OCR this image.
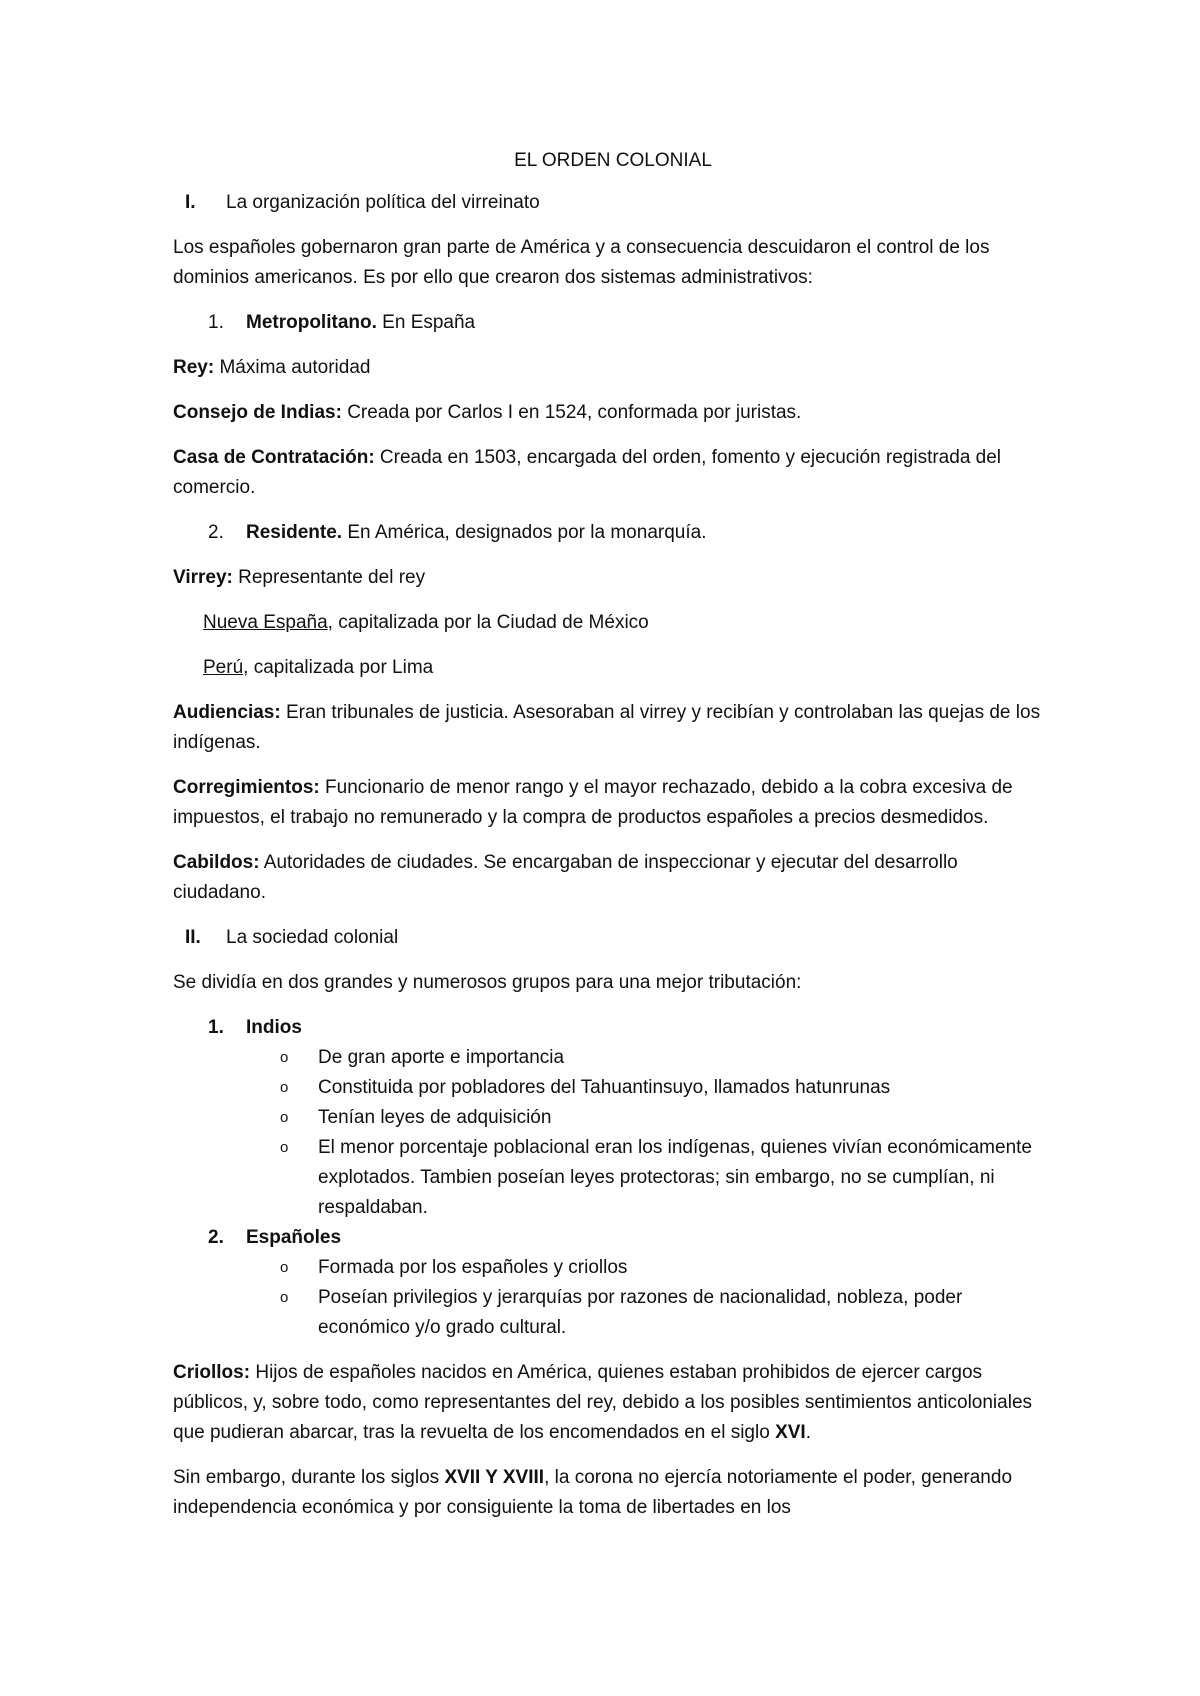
EL ORDEN COLONIAL
I.	La organización política del virreinato

Los españoles gobernaron gran parte de América y a consecuencia descuidaron el control de los dominios americanos. Es por ello que crearon dos sistemas administrativos:

1.	Metropolitano. En España

Rey: Máxima autoridad

Consejo de Indias: Creada por Carlos I en 1524, conformada por juristas.

Casa de Contratación: Creada en 1503, encargada del orden, fomento y ejecución registrada del comercio.

2.	Residente. En América, designados por la monarquía.

Virrey: Representante del rey

Nueva España, capitalizada por la Ciudad de México
Perú, capitalizada por Lima

Audiencias: Eran tribunales de justicia. Asesoraban al virrey y recibían y controlaban las quejas de los indígenas.

Corregimientos: Funcionario de menor rango y el mayor rechazado, debido a la cobra excesiva de impuestos, el trabajo no remunerado y la compra de productos españoles a precios desmedidos.

Cabildos: Autoridades de ciudades. Se encargaban de inspeccionar y ejecutar del desarrollo ciudadano.

II.	La sociedad colonial

Se dividía en dos grandes y numerosos grupos para una mejor tributación:

1.	Indios
o	De gran aporte e importancia
o	Constituida por pobladores del Tahuantinsuyo, llamados hatunrunas
o	Tenían leyes de adquisición
o	El menor porcentaje poblacional eran los indígenas, quienes vivían económicamente explotados. Tambien poseían leyes protectoras; sin embargo, no se cumplían, ni respaldaban.
2.	Españoles
o	Formada por los españoles y criollos
o	Poseían privilegios y jerarquías por razones de nacionalidad, nobleza, poder económico y/o grado cultural.

Criollos: Hijos de españoles nacidos en América, quienes estaban prohibidos de ejercer cargos públicos, y, sobre todo, como representantes del rey, debido a los posibles sentimientos anticoloniales que pudieran abarcar, tras la revuelta de los encomendados en el siglo XVI.

Sin embargo, durante los siglos XVII Y XVIII, la corona no ejercía notoriamente el poder, generando independencia económica y por consiguiente la toma de libertades en los
